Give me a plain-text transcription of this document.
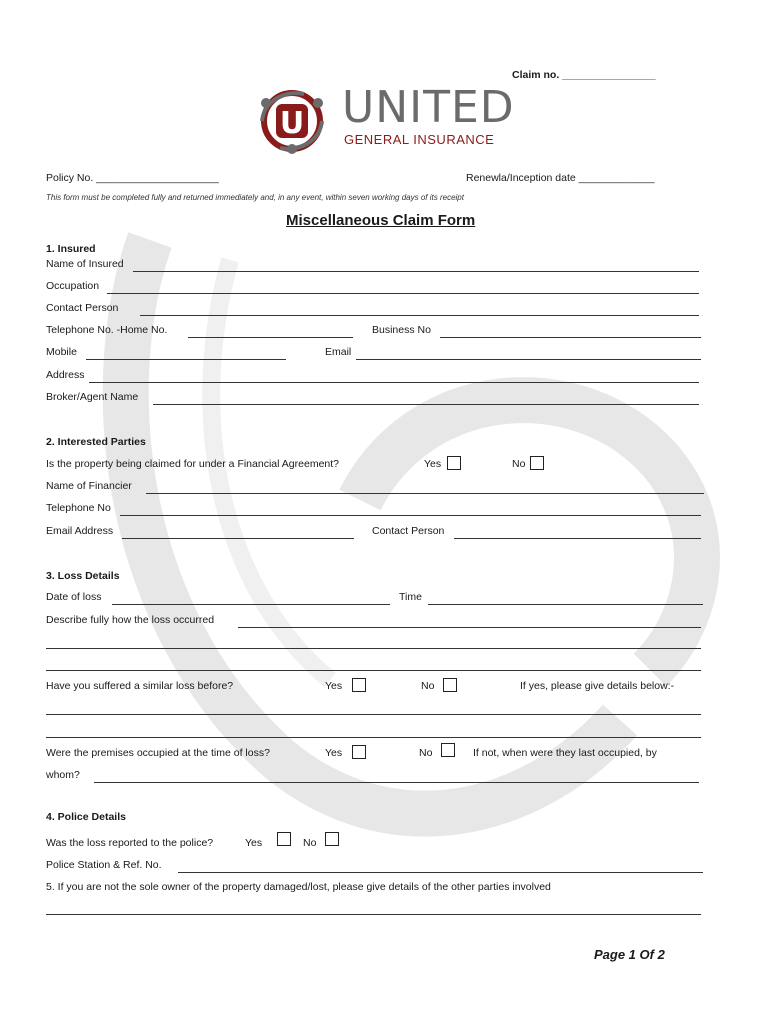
Claim no. ________________
U UNITED
GENERAL INSURANCE
Policy No. _____________________	Renewla/Inception date _____________
This form must be completed fully and returned immediately and, in any event, within seven working days of its receipt
Miscellaneous Claim Form
1. Insured
Name of Insured
Occupation
Contact Person
Telephone No. -Home No.	Business No
Mobile	Email
Address
Broker/Agent Name
2. Interested Parties
Is the property being claimed for under a Financial Agreement?	Yes	No
Name of Financier
Telephone No
Email Address	Contact Person
3. Loss Details
Date of loss	Time
Describe fully how the loss occurred
Have you suffered a similar loss before?	Yes	No	If yes, please give details below:-
Were the premises occupied at the time of loss?	Yes	No	If not, when were they last occupied, by
whom?
4. Police Details
Was the loss reported to the police?	Yes	No
Police Station & Ref. No.
5. If you are not the sole owner of the property damaged/lost, please give details of the other parties involved
Page 1 Of 2
